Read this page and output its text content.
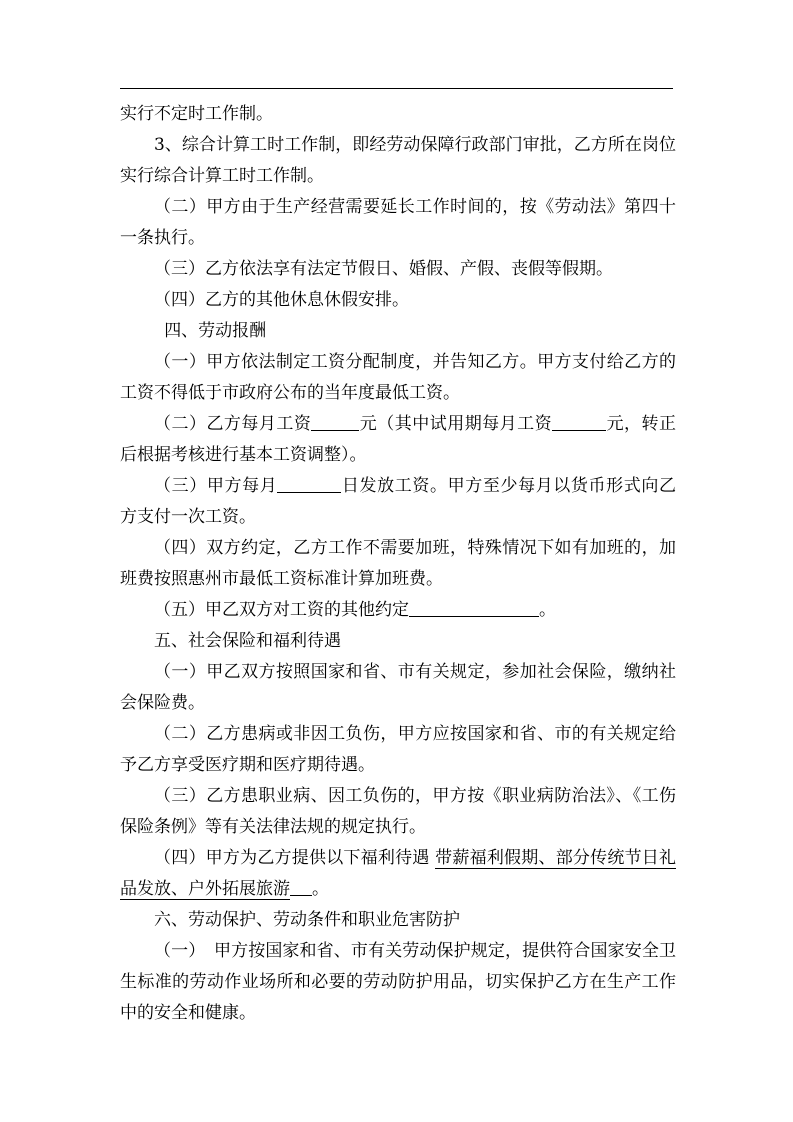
实行不定时工作制。

3、综合计算工时工作制，即经劳动保障行政部门审批，乙方所在岗位实行综合计算工时工作制。

（二）甲方由于生产经营需要延长工作时间的，按《劳动法》第四十一条执行。

（三）乙方依法享有法定节假日、婚假、产假、丧假等假期。

（四）乙方的其他休息休假安排。

四、劳动报酬

（一）甲方依法制定工资分配制度，并告知乙方。甲方支付给乙方的工资不得低于市政府公布的当年度最低工资。

（二）乙方每月工资	元（其中试用期每月工资	元，转正后根据考核进行基本工资调整）。

（三）甲方每月	日发放工资。甲方至少每月以货币形式向乙方支付一次工资。

（四）双方约定，乙方工作不需要加班，特殊情况下如有加班的，加班费按照惠州市最低工资标准计算加班费。

（五）甲乙双方对工资的其他约定	。

五、社会保险和福利待遇

（一）甲乙双方按照国家和省、市有关规定，参加社会保险，缴纳社会保险费。

（二）乙方患病或非因工负伤，甲方应按国家和省、市的有关规定给予乙方享受医疗期和医疗期待遇。

（三）乙方患职业病、因工负伤的，甲方按《职业病防治法》、《工伤保险条例》等有关法律法规的规定执行。

（四）甲方为乙方提供以下福利待遇 带薪福利假期、部分传统节日礼品发放、户外拓展旅游 。

六、劳动保护、劳动条件和职业危害防护

（一）　甲方按国家和省、市有关劳动保护规定，提供符合国家安全卫生标准的劳动作业场所和必要的劳动防护用品，切实保护乙方在生产工作中的安全和健康。
